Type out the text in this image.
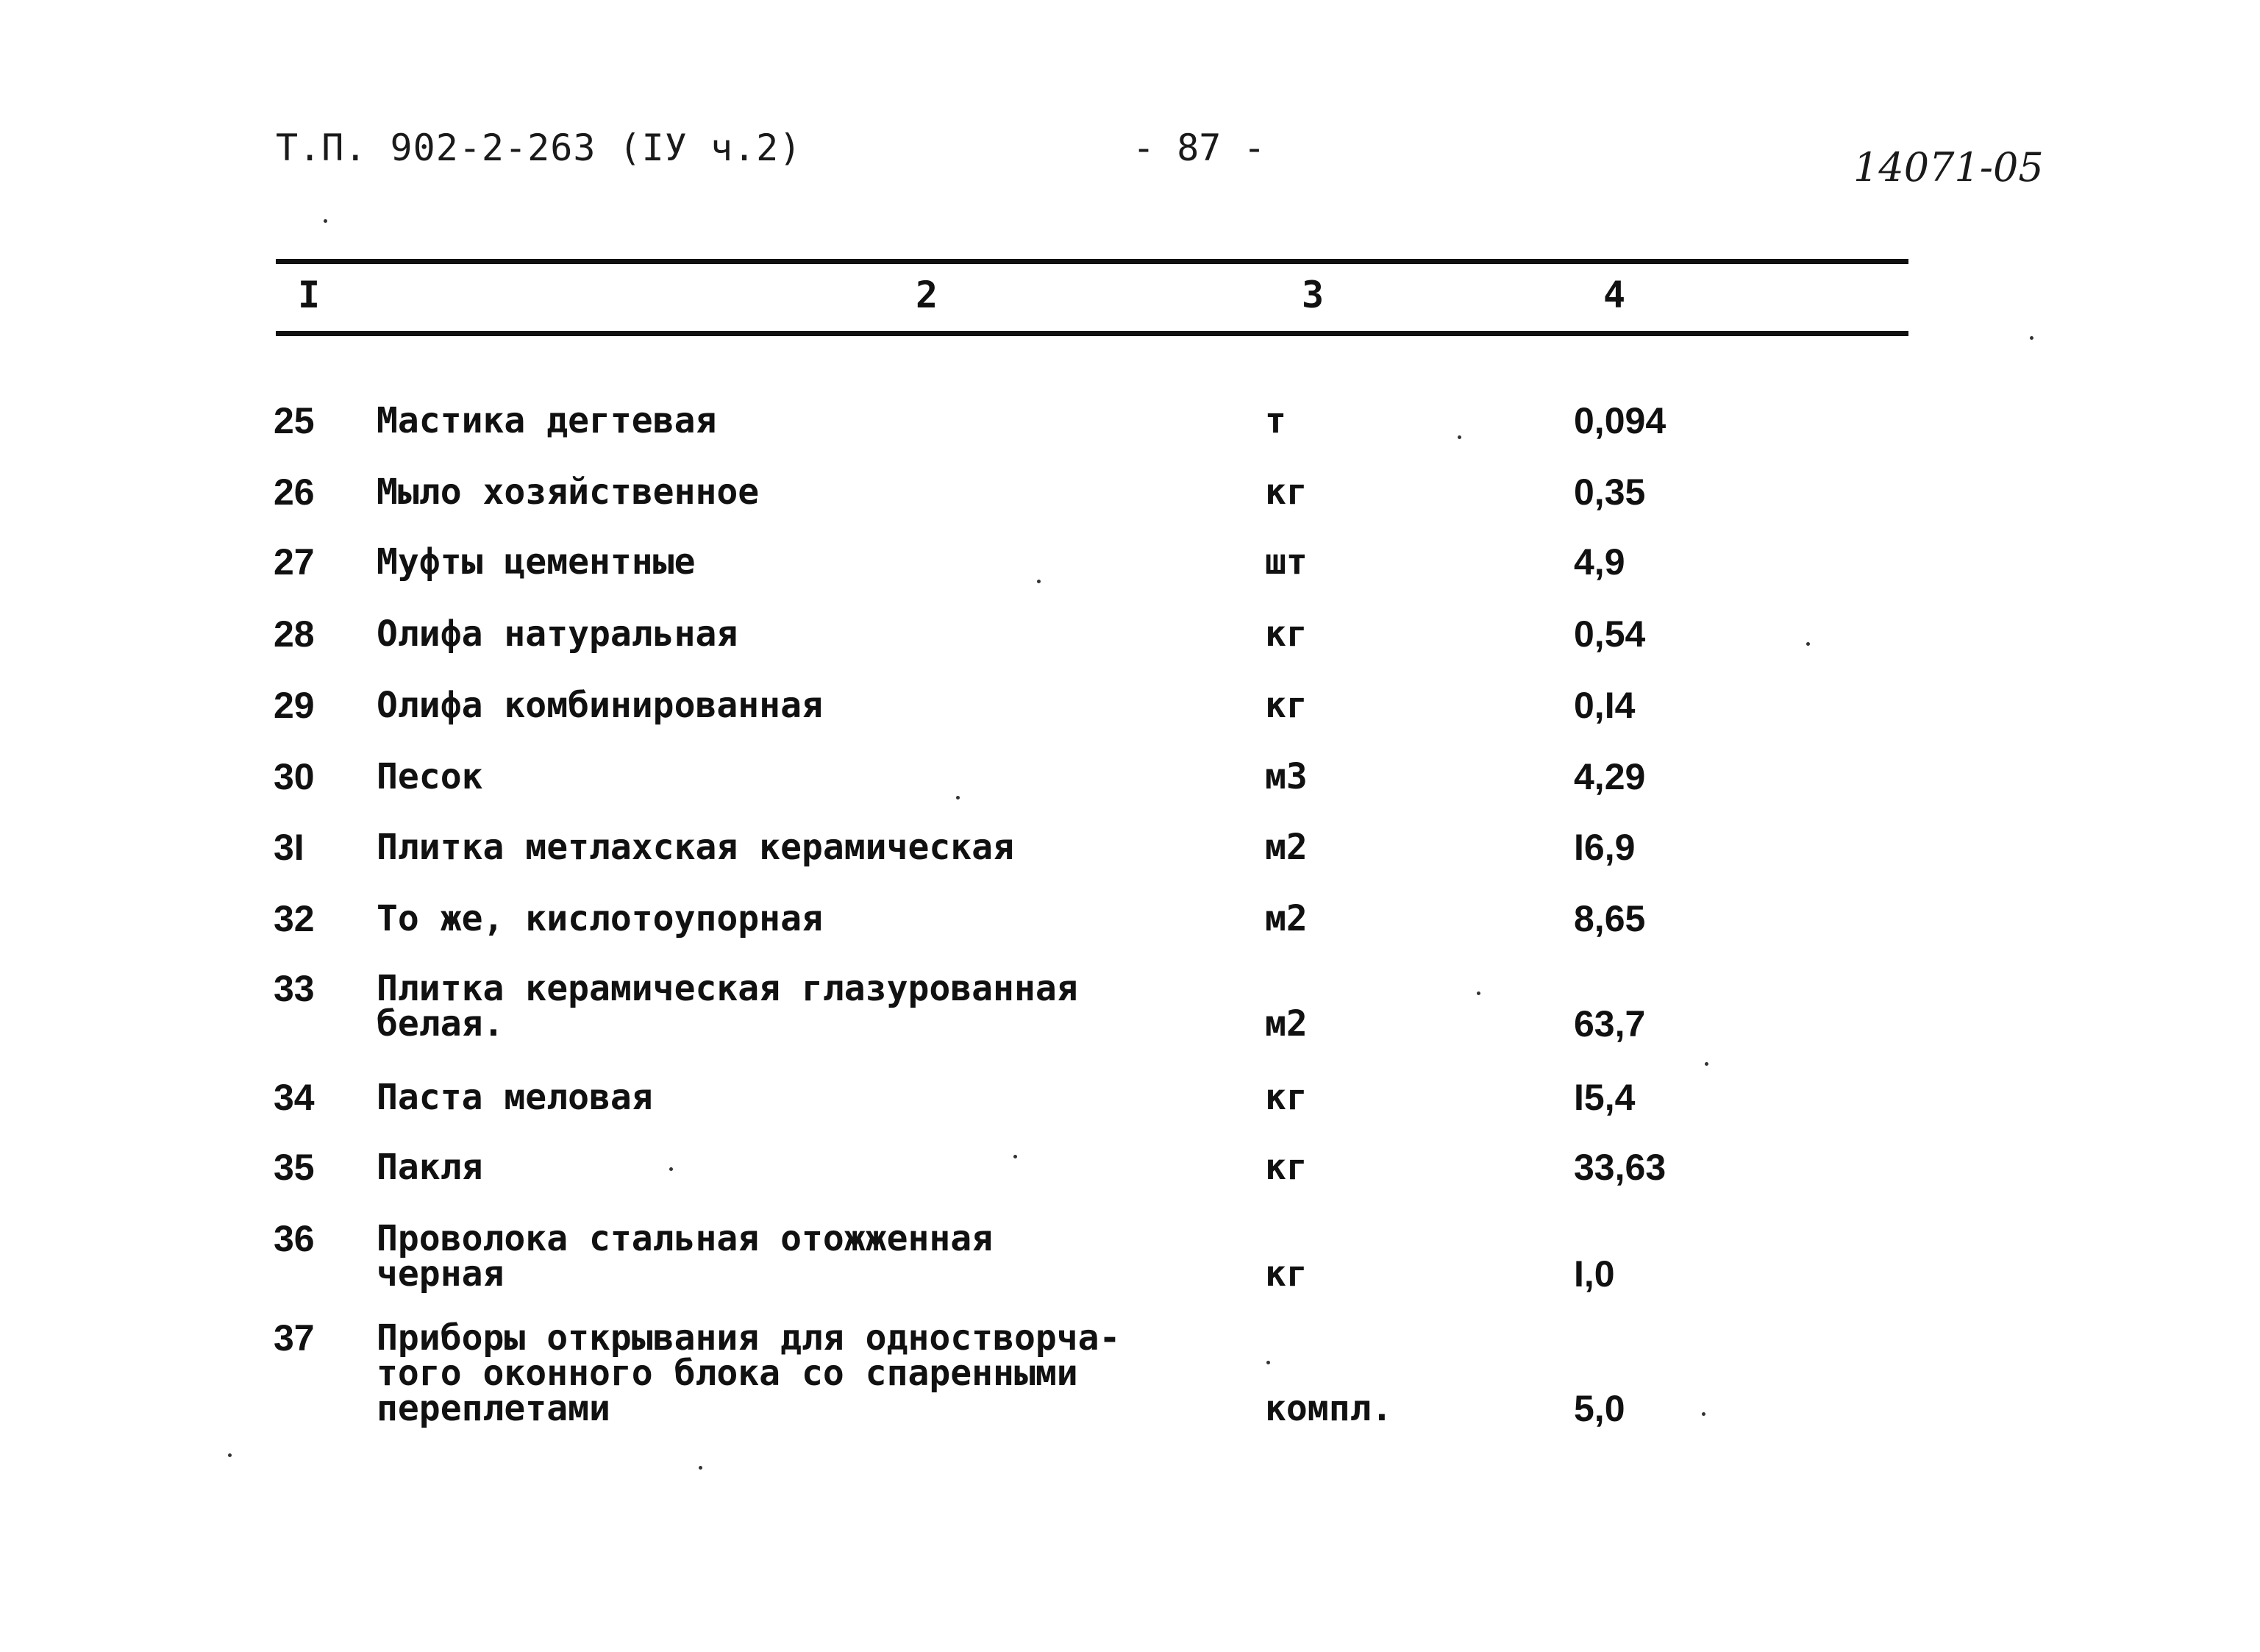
Т.П. 902-2-263 (IУ ч.2)	- 87 -	14071-05
I	2	3	4
25 Мастика дегтевая	т	0,094
26 Мыло хозяйственное	кг	0,35
27 Муфты цементные	шт	4,9
28 Олифа натуральная	кг	0,54
29 Олифа комбинированная	кг	0,I4
30 Песок	м3	4,29
3I Плитка метлахская керамическая	м2	I6,9
32 То же, кислотоупорная	м2	8,65
33 Плитка керамическая глазурованная
белая.	м2	63,7
34 Паста меловая	кг	I5,4
35 Пакля	кг	33,63
36 Проволока стальная отожженная
черная	кг	I,0
37 Приборы открывания для одностворча-
того оконного блока со спаренными
переплетами	компл.	5,0
